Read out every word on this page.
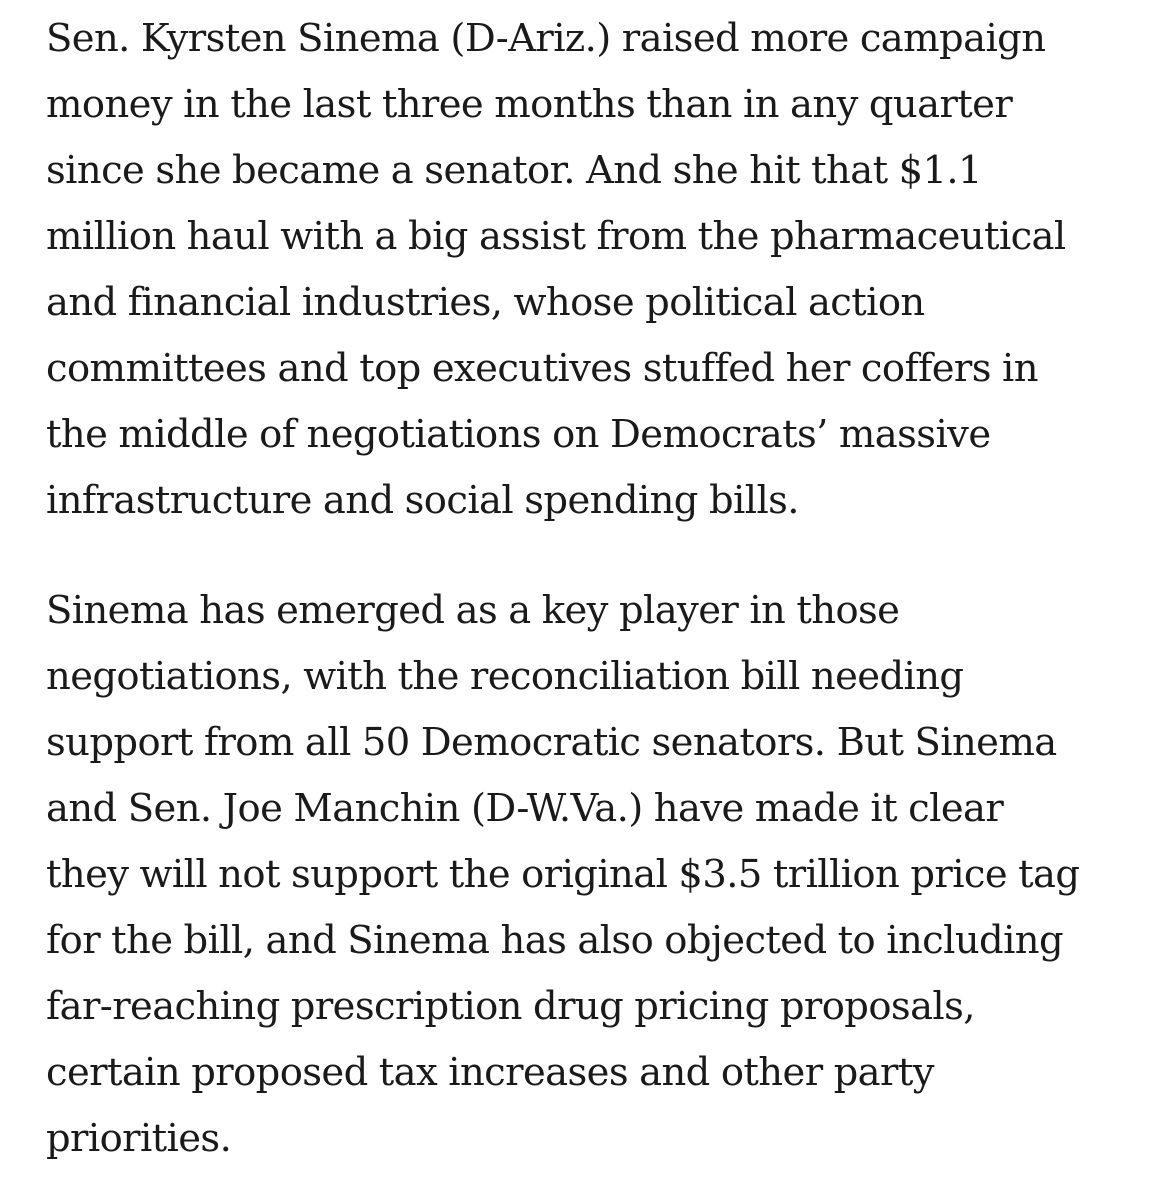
Sen. Kyrsten Sinema (D-Ariz.) raised more campaign
money in the last three months than in any quarter
since she became a senator. And she hit that $1.1
million haul with a big assist from the pharmaceutical
and financial industries, whose political action
committees and top executives stuffed her coffers in
the middle of negotiations on Democrats’ massive
infrastructure and social spending bills.

Sinema has emerged as a key player in those
negotiations, with the reconciliation bill needing
support from all 50 Democratic senators. But Sinema
and Sen. Joe Manchin (D-W.Va.) have made it clear
they will not support the original $3.5 trillion price tag
for the bill, and Sinema has also objected to including
far-reaching prescription drug pricing proposals,
certain proposed tax increases and other party
priorities.
